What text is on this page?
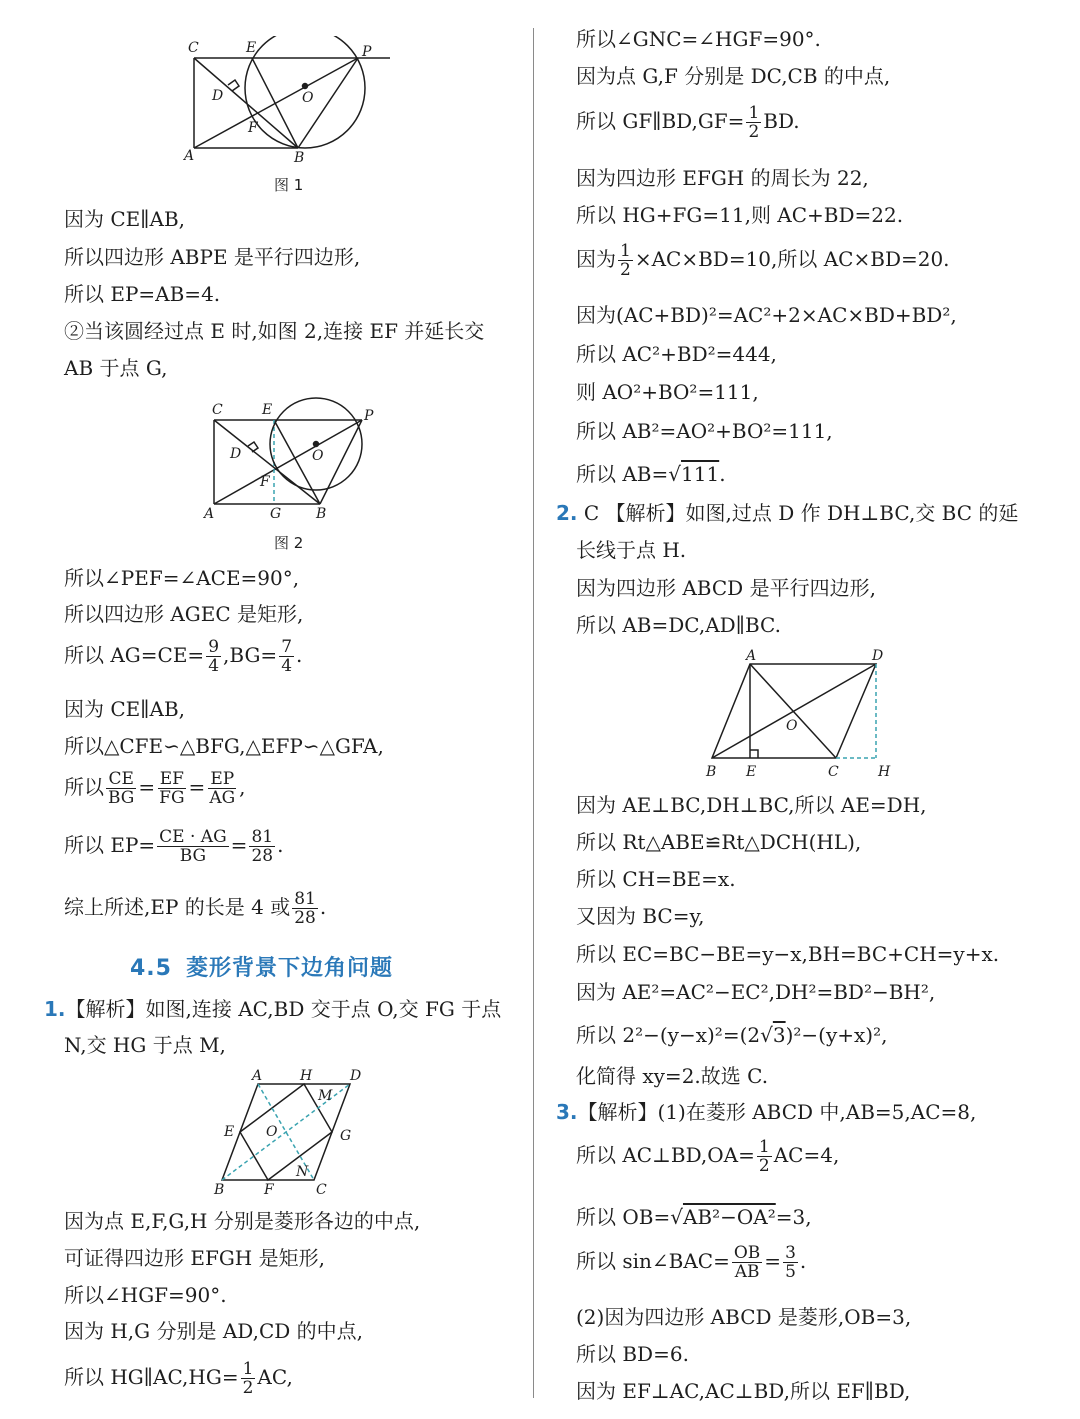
C	E	P
D	O
F
A	B
图 1
因为 CE∥AB,
所以四边形 ABPE 是平行四边形,
所以 EP=AB=4.
②当该圆经过点 E 时,如图 2,连接 EF 并延长交
AB 于点 G,
C	E	P
D	O
F
A	G B
图 2
所以∠PEF=∠ACE=90°,
所以四边形 AGEC 是矩形,
所以 $AG=CE= \frac{9}{4} ,BG= \frac{7}{4}$ .
因为 CE∥AB,
所以△CFE∽△BFG,△EFP∽△GFA,
所以 $\frac{CE}{BG} = \frac{EF}{FG} = \frac{EP}{AG}$ ,
所以 $EP= \frac{CE \cdot AG}{BG} = \frac{81}{28}$ .
综上所述,EP 的长是 4 或 $\frac{81}{28}$ .
4.5 菱形背景下边角问题
1.【解析】如图,连接 AC,BD 交于点 O,交 FG 于点
N,交 HG 于点 M,
A	H	D
M
E O	G
N
B	F	C
因为点 E,F,G,H 分别是菱形各边的中点,
可证得四边形 EFGH 是矩形,
所以∠HGF=90°.
因为 H,G 分别是 AD,CD 的中点,
所以 HG∥AC,HG= $\frac{1}{2}$ AC,
所以∠GNC=∠HGF=90°.
因为点 G,F 分别是 DC,CB 的中点,
所以 GF∥BD,GF= $\frac{1}{2}$ BD.
因为四边形 EFGH 的周长为 22,
所以 HG+FG=11,则 AC+BD=22.
因为 $\frac{1}{2} \times AC\times BD=10$,所以 AC×BD=20.
因为(AC+BD)²=AC²+2×AC×BD+BD²,
所以 AC²+BD²=444,
则 AO²+BO²=111,
所以 AB²=AO²+BO²=111,
所以 AB=√111.
2. C 【解析】如图,过点 D 作 DH⊥BC,交 BC 的延
长线于点 H.
因为四边形 ABCD 是平行四边形,
所以 AB=DC,AD∥BC.
A	D
O
B E	C	H
因为 AE⊥BC,DH⊥BC,所以 AE=DH,
所以 Rt△ABE≌Rt△DCH(HL),
所以 CH=BE=x.
又因为 BC=y,
所以 EC=BC−BE=y−x,BH=BC+CH=y+x.
因为 AE²=AC²−EC²,DH²=BD²−BH²,
所以 2²−(y−x)²=(2√3)²−(y+x)²,
化简得 xy=2.故选 C.
3.【解析】(1)在菱形 ABCD 中,AB=5,AC=8,
所以 AC⊥BD,OA= $\frac{1}{2} AC=4$,
所以 OB=√AB²−OA²=3,
所以 sin∠BAC= $\frac{OB}{AB} = \frac{3}{5}$ .
(2)因为四边形 ABCD 是菱形,OB=3,
所以 BD=6.
因为 EF⊥AC,AC⊥BD,所以 EF∥BD,
